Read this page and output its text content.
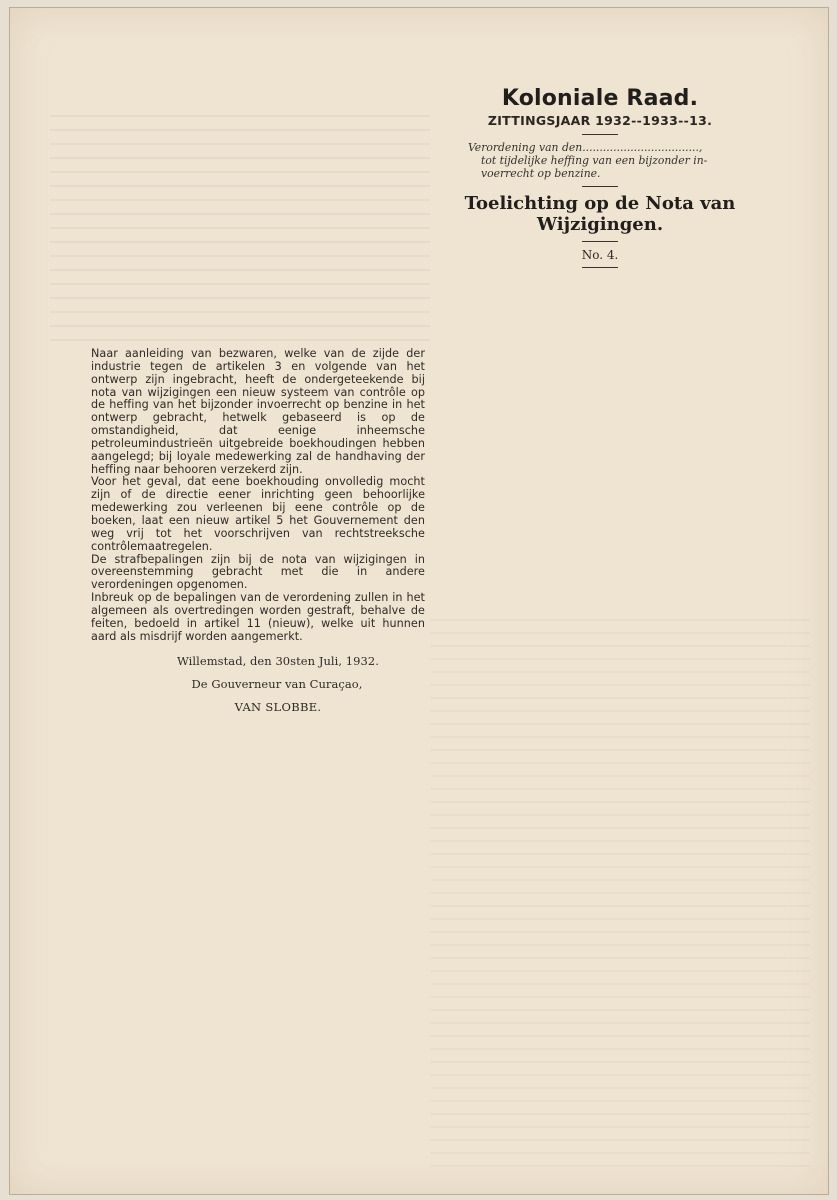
Koloniale Raad.
ZITTINGSJAAR 1932--1933--13.
Verordening van den..................................,
tot tijdelijke heffing van een bijzonder in-
voerrecht op benzine.
Toelichting op de Nota van Wijzigingen.
No. 4.

Naar aanleiding van bezwaren, welke van de zijde der industrie tegen de artikelen 3 en volgende van het ontwerp zijn ingebracht, heeft de ondergeteekende bij nota van wijzigingen een nieuw systeem van contrôle op de heffing van het bijzonder invoerrecht op benzine in het ontwerp gebracht, hetwelk gebaseerd is op de omstandigheid, dat eenige inheemsche petroleumindustrieën uitgebreide boekhoudingen hebben aangelegd; bij loyale medewerking zal de handhaving der heffing naar behooren verzekerd zijn.

Voor het geval, dat eene boekhouding onvolledig mocht zijn of de directie eener inrichting geen behoorlijke medewerking zou verleenen bij eene contrôle op de boeken, laat een nieuw artikel 5 het Gouvernement den weg vrij tot het voorschrijven van rechtstreeksche contrôlemaatregelen.

De strafbepalingen zijn bij de nota van wijzigingen in overeenstemming gebracht met die in andere verordeningen opgenomen.

Inbreuk op de bepalingen van de verordening zullen in het algemeen als overtredingen worden gestraft, behalve de feiten, bedoeld in artikel 11 (nieuw), welke uit hunnen aard als misdrijf worden aangemerkt.

Willemstad, den 30sten Juli, 1932.
De Gouverneur van Curaçao,
VAN SLOBBE.
